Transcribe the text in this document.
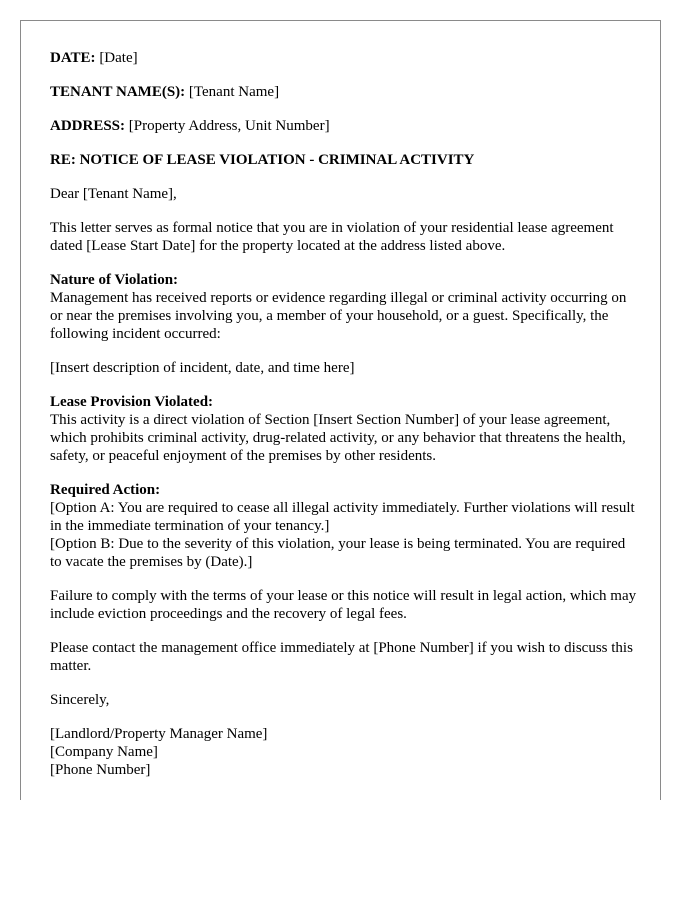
DATE: [Date]

TENANT NAME(S): [Tenant Name]

ADDRESS: [Property Address, Unit Number]

RE: NOTICE OF LEASE VIOLATION - CRIMINAL ACTIVITY

Dear [Tenant Name],

This letter serves as formal notice that you are in violation of your residential lease agreement dated [Lease Start Date] for the property located at the address listed above.

Nature of Violation:
Management has received reports or evidence regarding illegal or criminal activity occurring on or near the premises involving you, a member of your household, or a guest. Specifically, the following incident occurred:

[Insert description of incident, date, and time here]

Lease Provision Violated:
This activity is a direct violation of Section [Insert Section Number] of your lease agreement, which prohibits criminal activity, drug-related activity, or any behavior that threatens the health, safety, or peaceful enjoyment of the premises by other residents.

Required Action:
[Option A: You are required to cease all illegal activity immediately. Further violations will result in the immediate termination of your tenancy.]
[Option B: Due to the severity of this violation, your lease is being terminated. You are required to vacate the premises by (Date).]

Failure to comply with the terms of your lease or this notice will result in legal action, which may include eviction proceedings and the recovery of legal fees.

Please contact the management office immediately at [Phone Number] if you wish to discuss this matter.

Sincerely,

[Landlord/Property Manager Name]
[Company Name]
[Phone Number]
